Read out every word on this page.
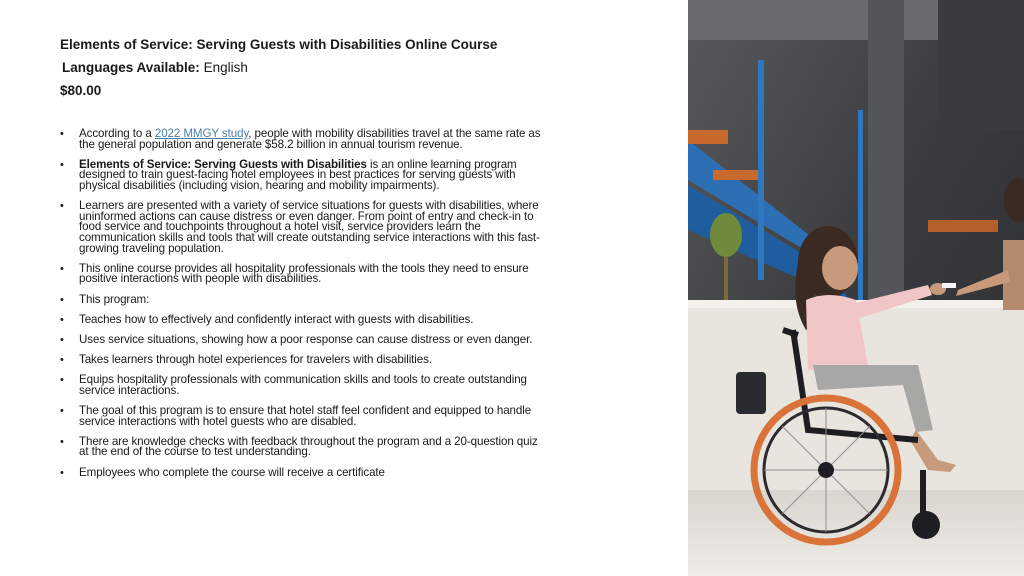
Elements of Service: Serving Guests with Disabilities Online Course
Languages Available: English
$80.00
• According to a 2022 MMGY study, people with mobility disabilities travel at the same rate as the general population and generate $58.2 billion in annual tourism revenue.
• Elements of Service: Serving Guests with Disabilities is an online learning program designed to train guest-facing hotel employees in best practices for serving guests with physical disabilities (including vision, hearing and mobility impairments).
• Learners are presented with a variety of service situations for guests with disabilities, where uninformed actions can cause distress or even danger. From point of entry and check-in to food service and touchpoints throughout a hotel visit, service providers learn the communication skills and tools that will create outstanding service interactions with this fast-growing traveling population.
• This online course provides all hospitality professionals with the tools they need to ensure positive interactions with people with disabilities.
• This program:
• Teaches how to effectively and confidently interact with guests with disabilities.
• Uses service situations, showing how a poor response can cause distress or even danger.
• Takes learners through hotel experiences for travelers with disabilities.
• Equips hospitality professionals with communication skills and tools to create outstanding service interactions.
• The goal of this program is to ensure that hotel staff feel confident and equipped to handle service interactions with hotel guests who are disabled.
• There are knowledge checks with feedback throughout the program and a 20-question quiz at the end of the course to test understanding.
• Employees who complete the course will receive a certificate
